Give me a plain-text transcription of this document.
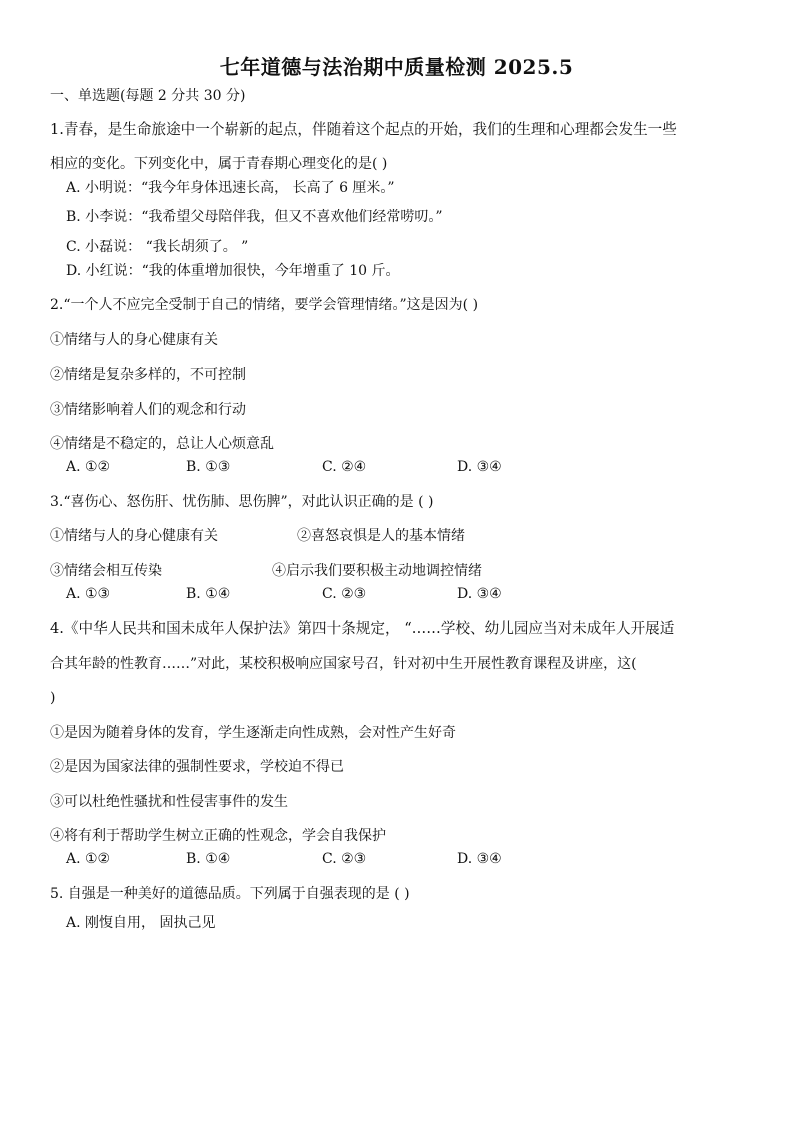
七年道德与法治期中质量检测 2025.5
一、单选题(每题 2 分共 30 分)
1.青春，是生命旅途中一个崭新的起点，伴随着这个起点的开始，我们的生理和心理都会发生一些
相应的变化。下列变化中，属于青春期心理变化的是( )
A. 小明说：“我今年身体迅速长高， 长高了 6 厘米。”
B. 小李说：“我希望父母陪伴我，但又不喜欢他们经常唠叨。”
C. 小磊说： “我长胡须了。 ”
D. 小红说：“我的体重增加很快，今年增重了 10 斤。
2.“一个人不应完全受制于自己的情绪，要学会管理情绪。”这是因为( )
①情绪与人的身心健康有关
②情绪是复杂多样的，不可控制
③情绪影响着人们的观念和行动
④情绪是不稳定的，总让人心烦意乱
A. ①②	B. ①③	C. ②④	D. ③④
3.“喜伤心、怒伤肝、忧伤肺、思伤脾”，对此认识正确的是 ( )
①情绪与人的身心健康有关	②喜怒哀惧是人的基本情绪
③情绪会相互传染	④启示我们要积极主动地调控情绪
A. ①③	B. ①④	C. ②③	D. ③④
4.《中华人民共和国未成年人保护法》第四十条规定， “……学校、幼儿园应当对未成年人开展适
合其年龄的性教育……”对此，某校积极响应国家号召，针对初中生开展性教育课程及讲座，这(
)
①是因为随着身体的发育，学生逐渐走向性成熟，会对性产生好奇
②是因为国家法律的强制性要求，学校迫不得已
③可以杜绝性骚扰和性侵害事件的发生
④将有利于帮助学生树立正确的性观念，学会自我保护
A. ①②	B. ①④	C. ②③	D. ③④
5. 自强是一种美好的道德品质。下列属于自强表现的是 ( )
A. 刚愎自用， 固执己见
